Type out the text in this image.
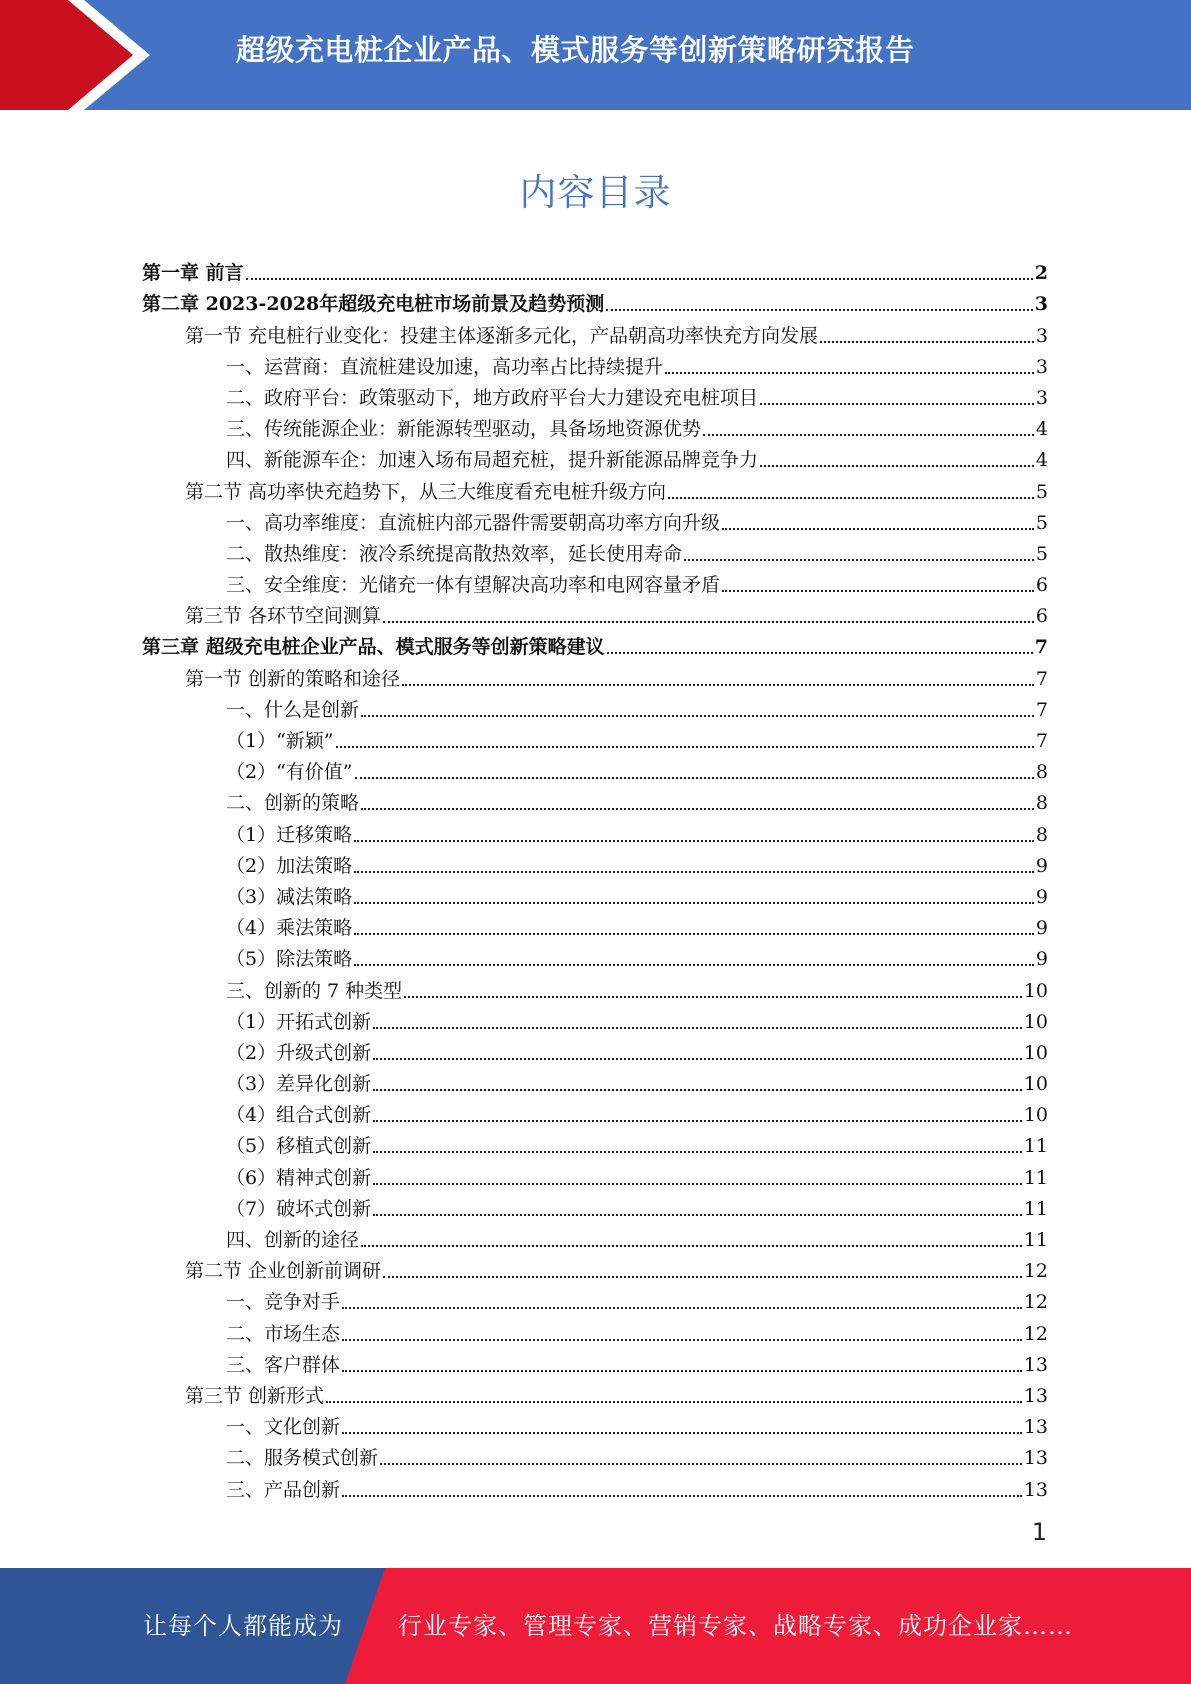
超级充电桩企业产品、模式服务等创新策略研究报告
内容目录
第一章 前言	2
第二章 2023-2028年超级充电桩市场前景及趋势预测	3
第一节 充电桩行业变化：投建主体逐渐多元化，产品朝高功率快充方向发展	3
一、运营商：直流桩建设加速，高功率占比持续提升	3
二、政府平台：政策驱动下，地方政府平台大力建设充电桩项目	3
三、传统能源企业：新能源转型驱动，具备场地资源优势	4
四、新能源车企：加速入场布局超充桩，提升新能源品牌竞争力	4
第二节 高功率快充趋势下，从三大维度看充电桩升级方向	5
一、高功率维度：直流桩内部元器件需要朝高功率方向升级	5
二、散热维度：液冷系统提高散热效率，延长使用寿命	5
三、安全维度：光储充一体有望解决高功率和电网容量矛盾	6
第三节 各环节空间测算	6
第三章 超级充电桩企业产品、模式服务等创新策略建议	7
第一节 创新的策略和途径	7
一、什么是创新	7
（1）“新颖”	7
（2）“有价值”	8
二、创新的策略	8
（1）迁移策略	8
（2）加法策略	9
（3）减法策略	9
（4）乘法策略	9
（5）除法策略	9
三、创新的 7 种类型	10
（1）开拓式创新	10
（2）升级式创新	10
（3）差异化创新	10
（4）组合式创新	10
（5）移植式创新	11
（6）精神式创新	11
（7）破坏式创新	11
四、创新的途径	11
第二节 企业创新前调研	12
一、竞争对手	12
二、市场生态	12
三、客户群体	13
第三节 创新形式	13
一、文化创新	13
二、服务模式创新	13
三、产品创新	13
1
让每个人都能成为 行业专家、管理专家、营销专家、战略专家、成功企业家……
